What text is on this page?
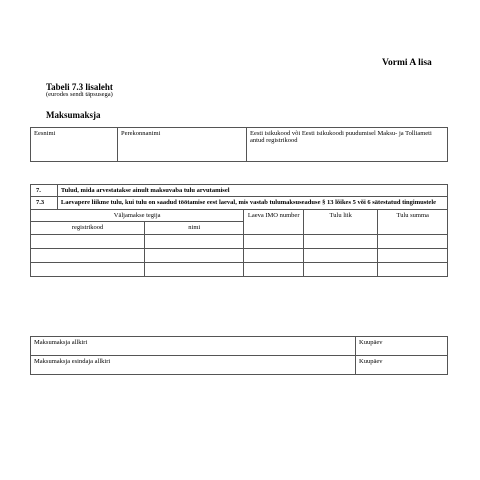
Vormi A lisa
Tabeli 7.3 lisaleht
(eurodes sendi täpsusega)
Maksumaksja
Eesnimi	Perekonnanimi	Eesti isikukood või Eesti isikukoodi puudumisel Maksu- ja Tolliameti antud registrikood
7.	Tulud, mida arvestatakse ainult maksuvaba tulu arvutamisel				
7.3	Laevapere liikme tulu, kui tulu on saadud töötamise eest laeval, mis vastab tulumaksuseaduse § 13 lõikes 5 või 6 sätestatud tingimustele				
Väljamakse tegija			Laeva IMO number	Tulu liik	Tulu summa
registrikood		nimi			

Maksumaksja allkiri	Kuupäev
Maksumaksja esindaja allkiri	Kuupäev
